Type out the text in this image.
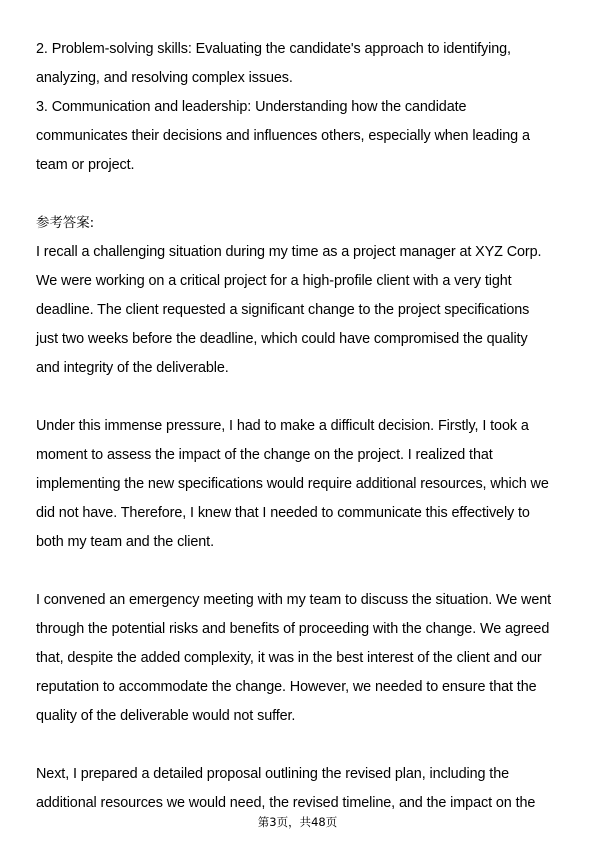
2. Problem-solving skills: Evaluating the candidate's approach to identifying,
analyzing, and resolving complex issues.
3. Communication and leadership: Understanding how the candidate
communicates their decisions and influences others, especially when leading a
team or project.
参考答案:
I recall a challenging situation during my time as a project manager at XYZ Corp.
We were working on a critical project for a high-profile client with a very tight
deadline. The client requested a significant change to the project specifications
just two weeks before the deadline, which could have compromised the quality
and integrity of the deliverable.
Under this immense pressure, I had to make a difficult decision. Firstly, I took a
moment to assess the impact of the change on the project. I realized that
implementing the new specifications would require additional resources, which we
did not have. Therefore, I knew that I needed to communicate this effectively to
both my team and the client.
I convened an emergency meeting with my team to discuss the situation. We went
through the potential risks and benefits of proceeding with the change. We agreed
that, despite the added complexity, it was in the best interest of the client and our
reputation to accommodate the change. However, we needed to ensure that the
quality of the deliverable would not suffer.
Next, I prepared a detailed proposal outlining the revised plan, including the
additional resources we would need, the revised timeline, and the impact on the
第3页，共48页
